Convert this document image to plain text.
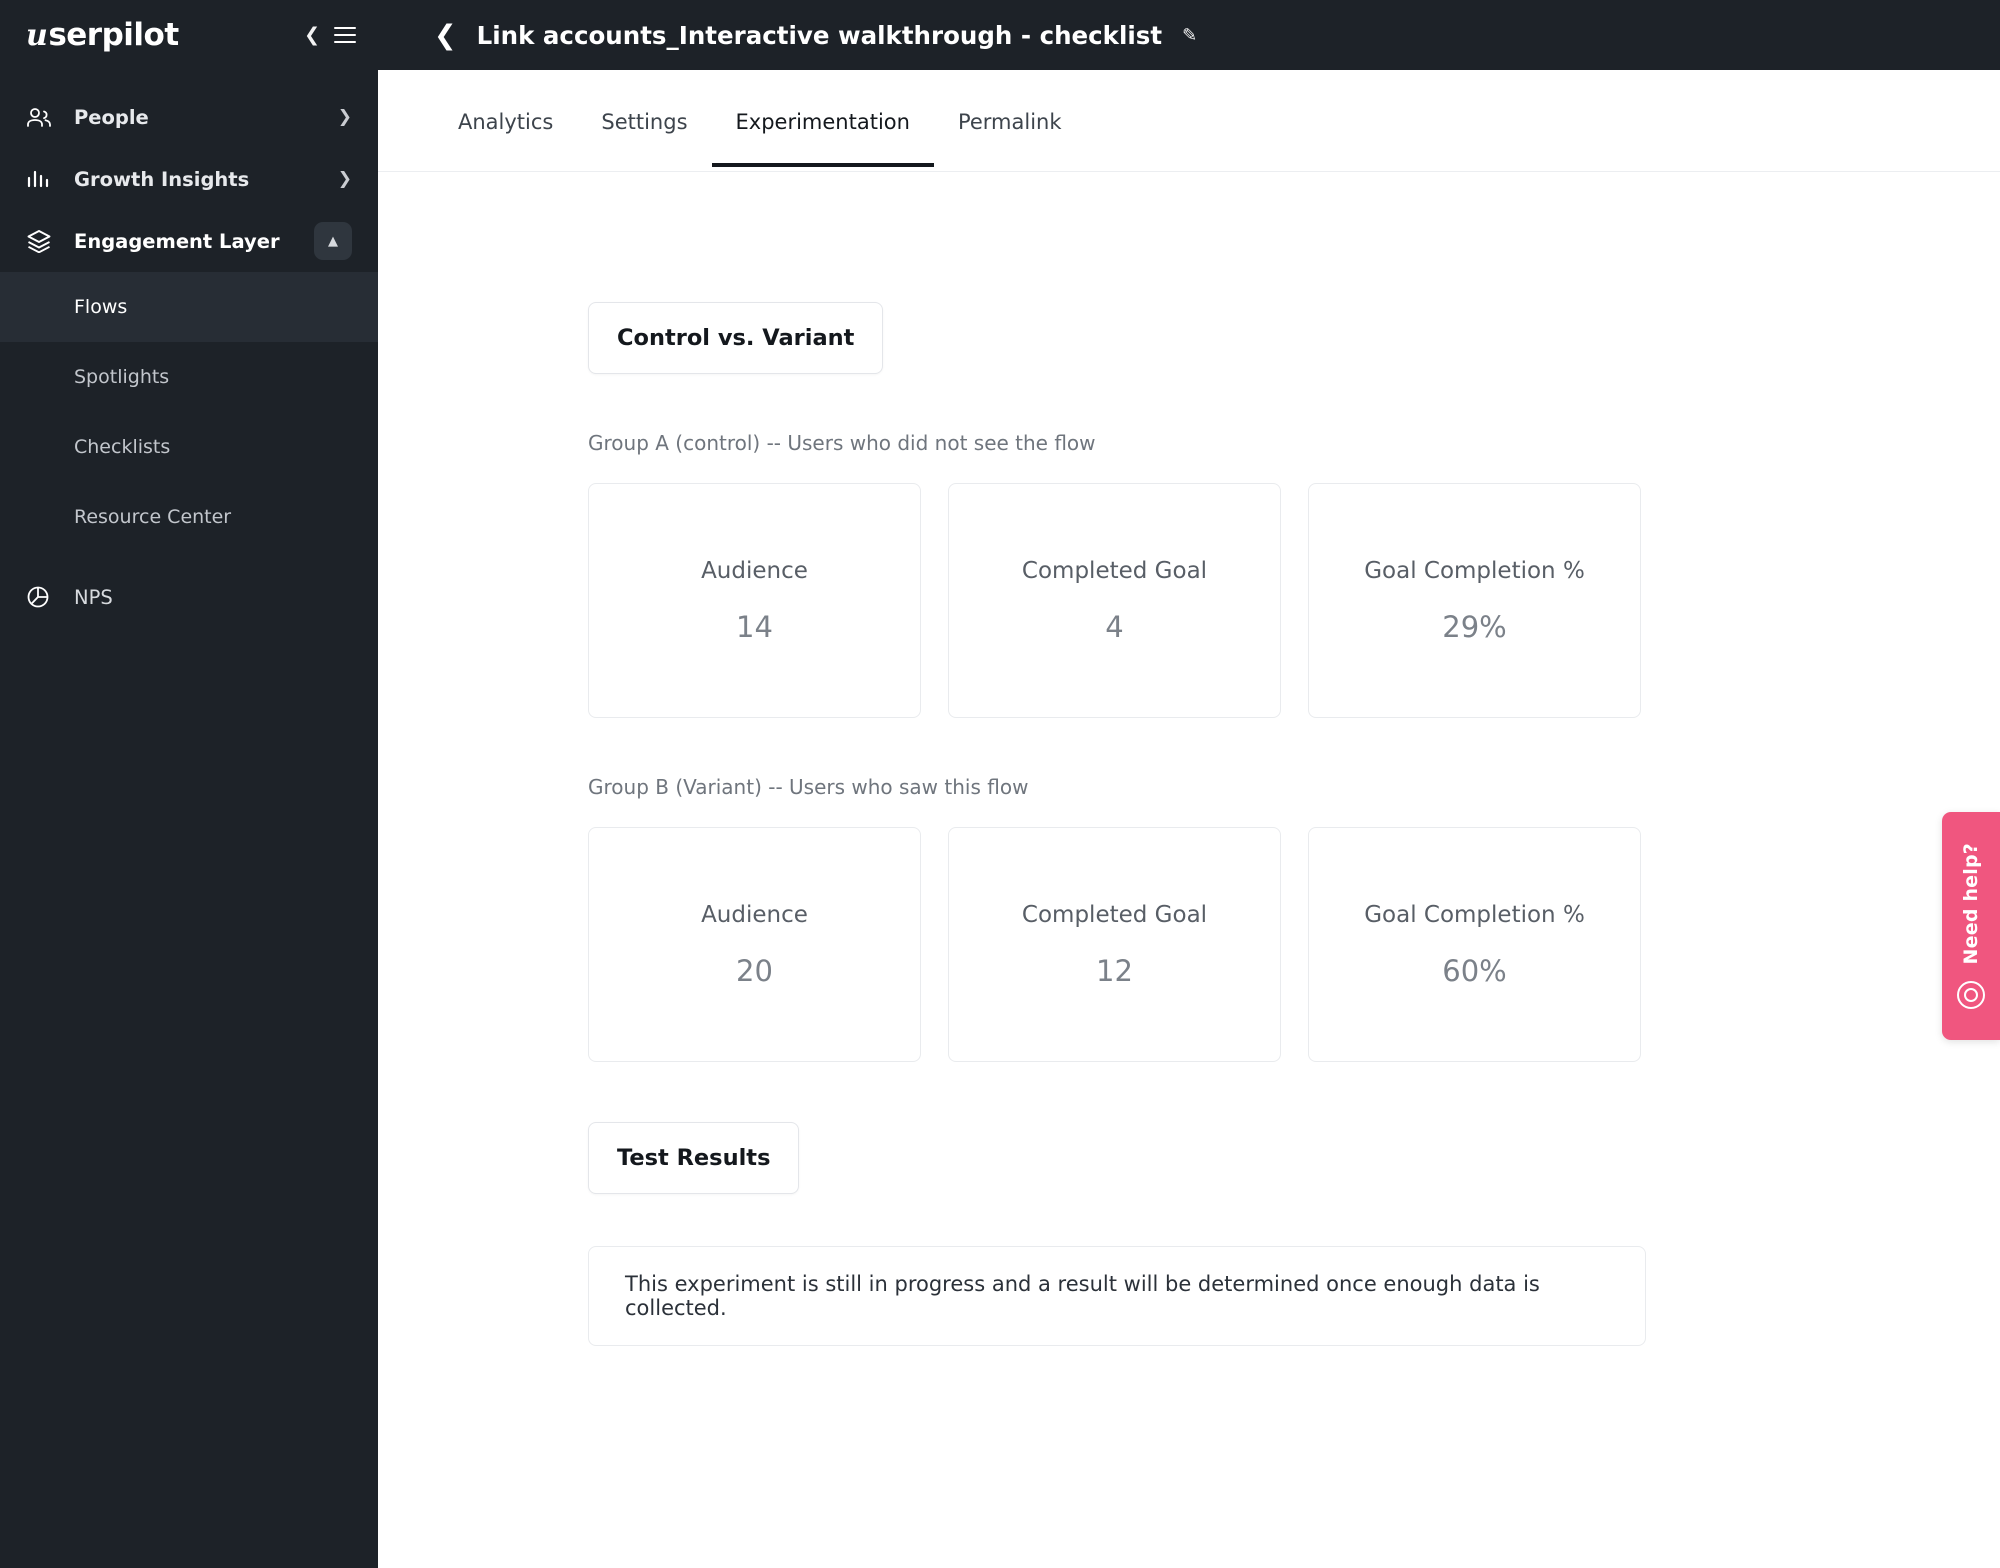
u serpilot	❮
People	❯
Growth Insights	❯
Engagement Layer	▲
Flows
Spotlights
Checklists
Resource Center
NPS
❮ Link accounts_Interactive walkthrough - checklist ✎
Analytics	Settings	Experimentation	Permalink
Control vs. Variant
Group A (control) -- Users who did not see the flow
Audience
14
Completed Goal
4
Goal Completion %
29%
Group B (Variant) -- Users who saw this flow
Audience
20
Completed Goal
12
Goal Completion %
60%
Test Results
This experiment is still in progress and a result will be determined once enough data is collected.
Need help?
